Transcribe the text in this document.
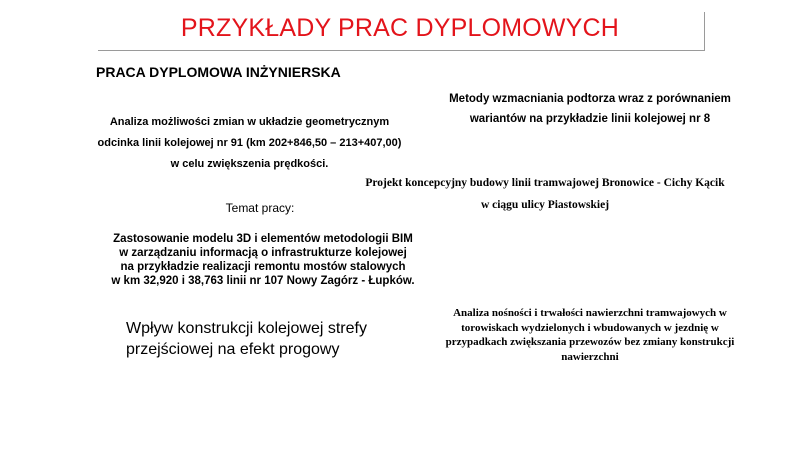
PRZYKŁADY PRAC DYPLOMOWYCH
PRACA DYPLOMOWA INŻYNIERSKA
Analiza możliwości zmian w układzie geometrycznym
odcinka linii kolejowej nr 91 (km 202+846,50 – 213+407,00)
w celu zwiększenia prędkości.
Metody wzmacniania podtorza wraz z porównaniem
wariantów na przykładzie linii kolejowej nr 8
Projekt koncepcyjny budowy linii tramwajowej Bronowice - Cichy Kącik
w ciągu ulicy Piastowskiej
Temat pracy:
Zastosowanie modelu 3D i elementów metodologii BIM
w zarządzaniu informacją o infrastrukturze kolejowej
na przykładzie realizacji remontu mostów stalowych
w km 32,920 i 38,763 linii nr 107 Nowy Zagórz - Łupków.
Wpływ konstrukcji kolejowej strefy
przejściowej na efekt progowy
Analiza nośności i trwałości nawierzchni tramwajowych w
torowiskach wydzielonych i wbudowanych w jezdnię w
przypadkach zwiększania przewozów bez zmiany konstrukcji
nawierzchni
